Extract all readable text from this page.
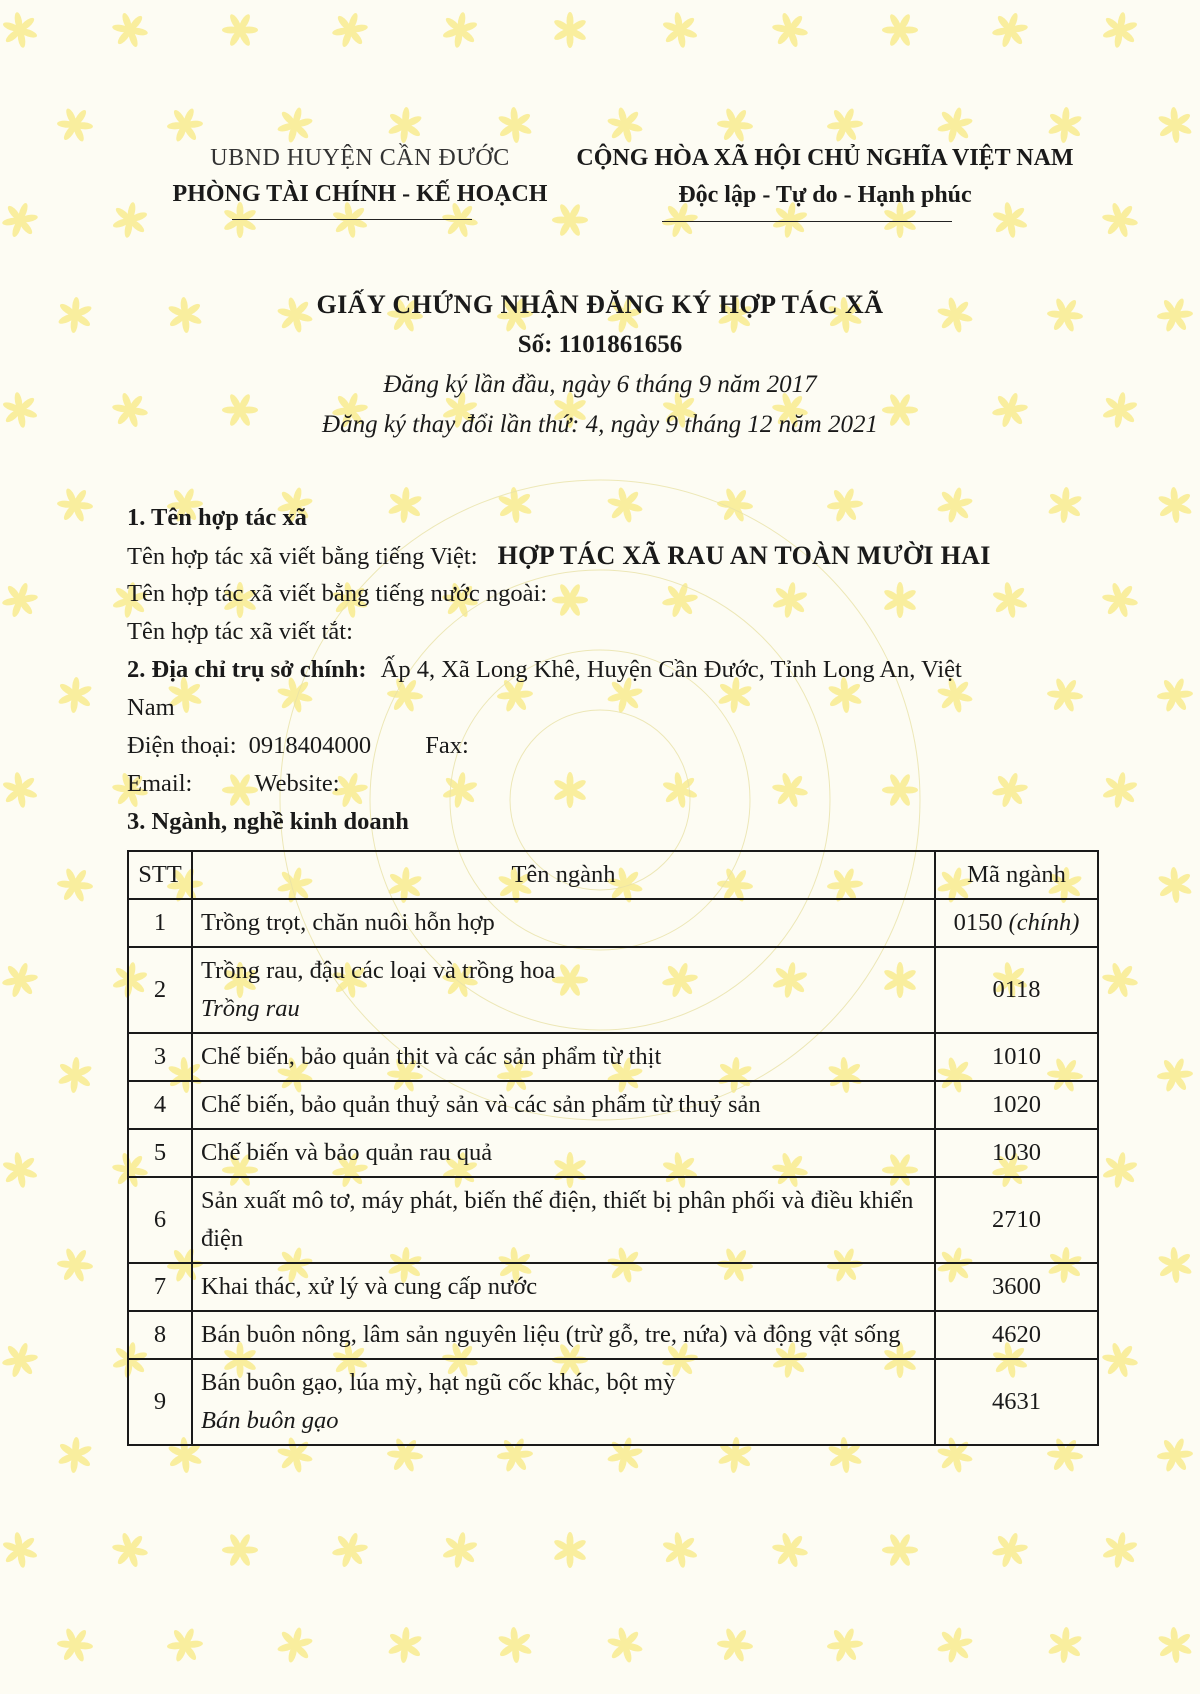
UBND HUYỆN CẦN ĐƯỚC
PHÒNG TÀI CHÍNH - KẾ HOẠCH
CỘNG HÒA XÃ HỘI CHỦ NGHĨA VIỆT NAM
Độc lập - Tự do - Hạnh phúc
GIẤY CHỨNG NHẬN ĐĂNG KÝ HỢP TÁC XÃ
Số: 1101861656
Đăng ký lần đầu, ngày 6 tháng 9 năm 2017
Đăng ký thay đổi lần thứ: 4, ngày 9 tháng 12 năm 2021
1. Tên hợp tác xã
Tên hợp tác xã viết bằng tiếng Việt: HỢP TÁC XÃ RAU AN TOÀN MƯỜI HAI
Tên hợp tác xã viết bằng tiếng nước ngoài:
Tên hợp tác xã viết tắt:
2. Địa chỉ trụ sở chính: Ấp 4, Xã Long Khê, Huyện Cần Đước, Tỉnh Long An, Việt
Nam
Điện thoại: 0918404000 Fax:
Email:	Website:
3. Ngành, nghề kinh doanh
STT	Tên ngành	Mã ngành
1	Trồng trọt, chăn nuôi hỗn hợp	0150 (chính)
2	Trồng rau, đậu các loại và trồng hoa
Trồng rau	0118
3	Chế biến, bảo quản thịt và các sản phẩm từ thịt	1010
4	Chế biến, bảo quản thuỷ sản và các sản phẩm từ thuỷ sản	1020
5	Chế biến và bảo quản rau quả	1030
6	Sản xuất mô tơ, máy phát, biến thế điện, thiết bị phân phối và điều khiển điện	2710
7	Khai thác, xử lý và cung cấp nước	3600
8	Bán buôn nông, lâm sản nguyên liệu (trừ gỗ, tre, nứa) và động vật sống	4620
9	Bán buôn gạo, lúa mỳ, hạt ngũ cốc khác, bột mỳ
Bán buôn gạo	4631
